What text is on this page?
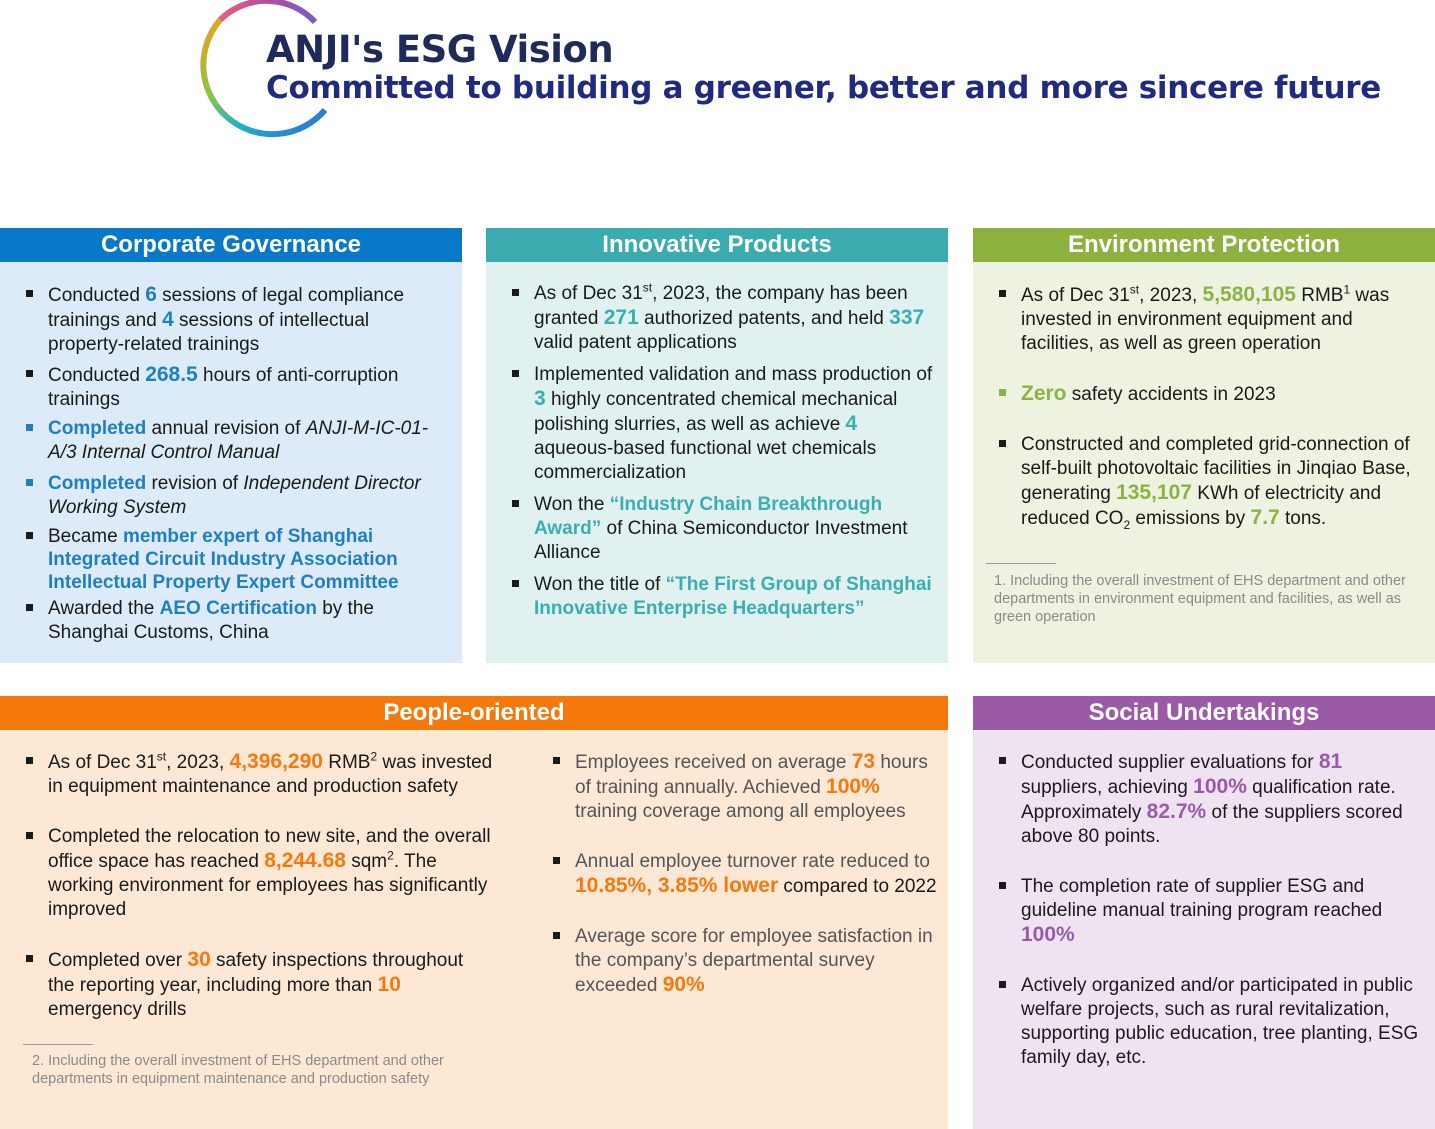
ANJI's ESG Vision
Committed to building a greener, better and more sincere future
Corporate Governance
Conducted 6 sessions of legal compliance trainings and 4 sessions of intellectual property-related trainings
Conducted 268.5 hours of anti-corruption trainings
Completed annual revision of ANJI-M-IC-01-A/3 Internal Control Manual
Completed revision of Independent Director Working System
Became member expert of Shanghai Integrated Circuit Industry Association Intellectual Property Expert Committee
Awarded the AEO Certification by the Shanghai Customs, China
Innovative Products
As of Dec 31st, 2023, the company has been granted 271 authorized patents, and held 337 valid patent applications
Implemented validation and mass production of 3 highly concentrated chemical mechanical polishing slurries, as well as achieve 4 aqueous-based functional wet chemicals commercialization
Won the “Industry Chain Breakthrough Award” of China Semiconductor Investment Alliance
Won the title of “The First Group of Shanghai Innovative Enterprise Headquarters”
Environment Protection
As of Dec 31st, 2023, 5,580,105 RMB$^1$ was invested in environment equipment and facilities, as well as green operation
Zero safety accidents in 2023
Constructed and completed grid-connection of self-built photovoltaic facilities in Jinqiao Base, generating 135,107 KWh of electricity and reduced $CO_2$ emissions by 7.7 tons.
1. Including the overall investment of EHS department and other departments in environment equipment and facilities, as well as green operation
People-oriented
As of Dec 31st, 2023, 4,396,290 RMB$^2$ was invested in equipment maintenance and production safety
Completed the relocation to new site, and the overall office space has reached 8,244.68 sqm$^2$. The working environment for employees has significantly improved
Completed over 30 safety inspections throughout the reporting year, including more than 10 emergency drills
2. Including the overall investment of EHS department and other departments in equipment maintenance and production safety
Employees received on average 73 hours of training annually. Achieved 100% training coverage among all employees
Annual employee turnover rate reduced to 10.85%, 3.85% lower compared to 2022
Average score for employee satisfaction in the company’s departmental survey exceeded 90%
Social Undertakings
Conducted supplier evaluations for 81 suppliers, achieving 100% qualification rate. Approximately 82.7% of the suppliers scored above 80 points.
The completion rate of supplier ESG and guideline manual training program reached 100%
Actively organized and/or participated in public welfare projects, such as rural revitalization, supporting public education, tree planting, ESG family day, etc.
